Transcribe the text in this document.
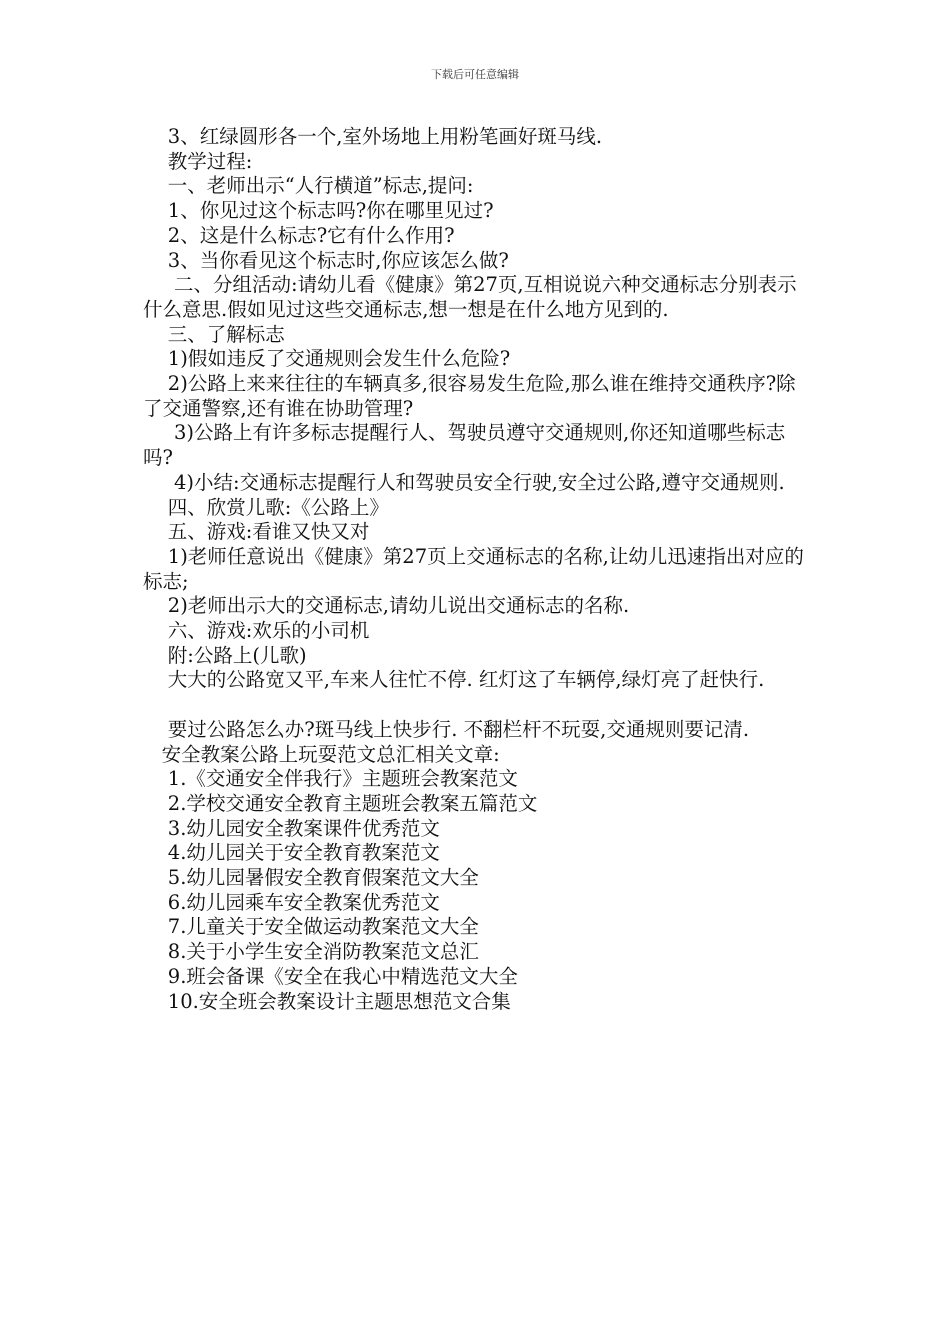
下载后可任意编辑

3、红绿圆形各一个,室外场地上用粉笔画好斑马线.

教学过程:

一、老师出示“人行横道”标志,提问:

1、你见过这个标志吗?你在哪里见过?

2、这是什么标志?它有什么作用?

3、当你看见这个标志时,你应该怎么做?

二、分组活动:请幼儿看《健康》第27页,互相说说六种交通标志分别表示什么意思.假如见过这些交通标志,想一想是在什么地方见到的.

三、了解标志

1)假如违反了交通规则会发生什么危险?

2)公路上来来往往的车辆真多,很容易发生危险,那么谁在维持交通秩序?除了交通警察,还有谁在协助管理?

3)公路上有许多标志提醒行人、驾驶员遵守交通规则,你还知道哪些标志吗?

4)小结:交通标志提醒行人和驾驶员安全行驶,安全过公路,遵守交通规则.

四、欣赏儿歌:《公路上》

五、游戏:看谁又快又对

1)老师任意说出《健康》第27页上交通标志的名称,让幼儿迅速指出对应的标志;

2)老师出示大的交通标志,请幼儿说出交通标志的名称.

六、游戏:欢乐的小司机

附:公路上(儿歌)

大大的公路宽又平,车来人往忙不停. 红灯这了车辆停,绿灯亮了赶快行.

要过公路怎么办?斑马线上快步行. 不翻栏杆不玩耍,交通规则要记清.

安全教案公路上玩耍范文总汇相关文章:

1.《交通安全伴我行》主题班会教案范文

2.学校交通安全教育主题班会教案五篇范文

3.幼儿园安全教案课件优秀范文

4.幼儿园关于安全教育教案范文

5.幼儿园暑假安全教育假案范文大全

6.幼儿园乘车安全教案优秀范文

7.儿童关于安全做运动教案范文大全

8.关于小学生安全消防教案范文总汇

9.班会备课《安全在我心中精选范文大全

10.安全班会教案设计主题思想范文合集
